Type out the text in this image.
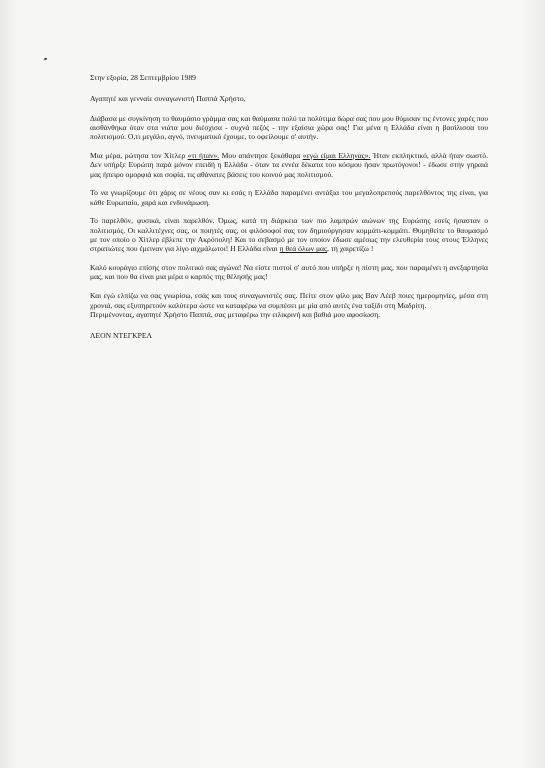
Στην εξορία, 28 Σεπτεμβρίου 1989

Αγαπητέ και γενναίε συναγωνιστή Παππά Χρήστο,

Διάβασα με συγκίνηση το θαυμάσιο γράμμα σας και θαύμασα πολύ τα πολύτιμα δώρα σας που μου θύμισαν τις έντονες χαρές που αισθάνθηκα όταν στα νιάτα μου διέσχισα - συχνά πεζός - την εξαίσια χώρα σας! Για μένα η Ελλάδα είναι η βασίλισσα του πολιτισμού. Ο,τι μεγάλο, αγνό, πνευματικό έχουμε, το οφείλουμε σ' αυτήν.

Μια μέρα, ρώτησα τον Χίτλερ «τι ήταν». Μου απάντησε ξεκάθαρα «εγώ είμαι Ελληνας». Ήταν εκπληκτικό, αλλά ήταν σωστό. Δεν υπήρξε Ευρώπη παρά μόνον επειδή η Ελλάδα - όταν τα εννέα δέκατα του κόσμου ήσαν πρωτόγονοι! - έδωσε στην γηραιά μας ήπειρο ομορφιά και σοφία, τις αθάνατες βάσεις του κοινού μας πολιτισμού.

Το να γνωρίζουμε ότι χάρις σε νέους σαν κι εσάς η Ελλάδα παραμένει αντάξια του μεγαλοπρεπούς παρελθόντος της είναι, για κάθε Ευρωπαίο, χαρά και ενδυνάμωση.

Το παρελθόν, φυσικά, είναι παρελθόν. Όμως, κατά τη διάρκεια των πιο λαμπρών αιώνων της Ευρώπης εσείς ήσασταν ο πολιτισμός. Οι καλλιτέχνες σας, οι ποιητές σας, οι φιλόσοφοί σας τον δημιούργησαν κομμάτι-κομμάτι. Θυμηθείτε το θαυμασμό με τον οποίο ο Χίτλερ έβλεπε την Ακρόπολη! Και το σεβασμό με τον οποίον έδωσε αμέσως την ελευθερία τους στους Έλληνες στρατιώτες που έμειναν για λίγο αιχμάλωτοι! Η Ελλάδα είναι η θεά όλων μας, τη χαιρετίζω !

Καλό κουράγιο επίσης στον πολιτικό σας αγώνα! Να είστε πιστοί σ' αυτό που υπήρξε η πίστη μας, που παραμένει η ανεξαρτησία μας, και που θα είναι μια μέρα ο καρπός της θέλησής μας!

Και εγώ ελπίζω να σας γνωρίσω, εσάς και τους συναγωνιστές σας. Πείτε στον φίλο μας Βαν Λέεβ ποιες ημερομηνίες, μέσα στη χρονιά, σας εξυπηρετούν καλύτερα ώστε να καταφέρω να συμπέσει με μία από αυτές ένα ταξίδι στη Μαδρίτη.

Περιμένοντας, αγαπητέ Χρήστο Παππά, σας μεταφέρω την ειλικρινή και βαθιά μου αφοσίωση.

ΛΕΟΝ ΝΤΕΓΚΡΕΛ
